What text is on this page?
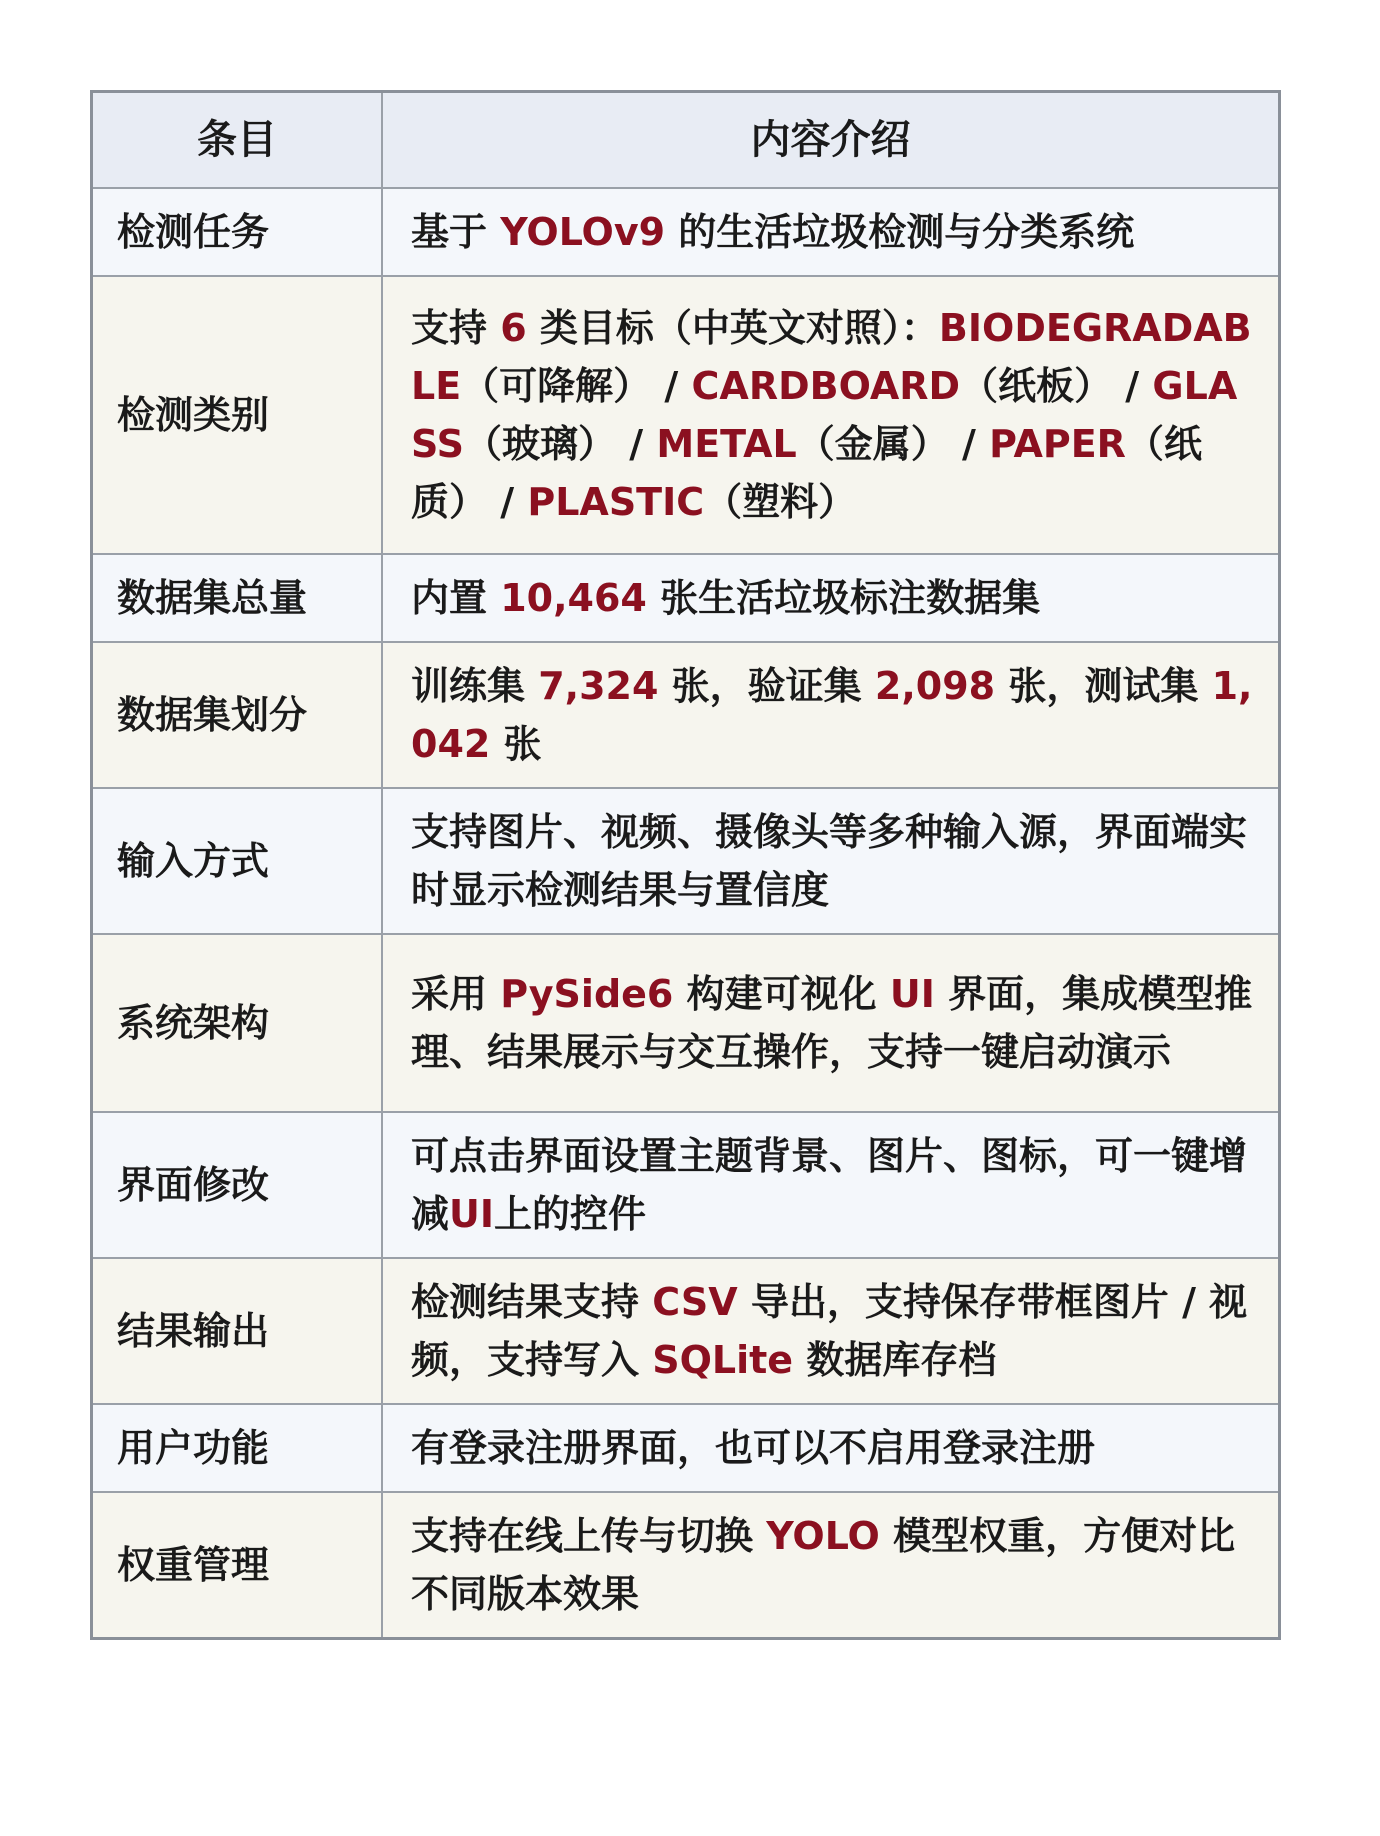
条目	内容介绍
检测任务	基于 YOLOv9 的生活垃圾检测与分类系统
检测类别	支持 6 类目标（中英文对照）：BIODEGRADABLE（可降解） / CARDBOARD（纸板） / GLASS（玻璃） / METAL（金属） / PAPER（纸质） / PLASTIC（塑料）
数据集总量	内置 10,464 张生活垃圾标注数据集
数据集划分	训练集 7,324 张，验证集 2,098 张，测试集 1,042 张
输入方式	支持图片、视频、摄像头等多种输入源，界面端实时显示检测结果与置信度
系统架构	采用 PySide6 构建可视化 UI 界面，集成模型推理、结果展示与交互操作，支持一键启动演示
界面修改	可点击界面设置主题背景、图片、图标，可一键增减UI上的控件
结果输出	检测结果支持 CSV 导出，支持保存带框图片 / 视频，支持写入 SQLite 数据库存档
用户功能	有登录注册界面，也可以不启用登录注册
权重管理	支持在线上传与切换 YOLO 模型权重，方便对比不同版本效果
